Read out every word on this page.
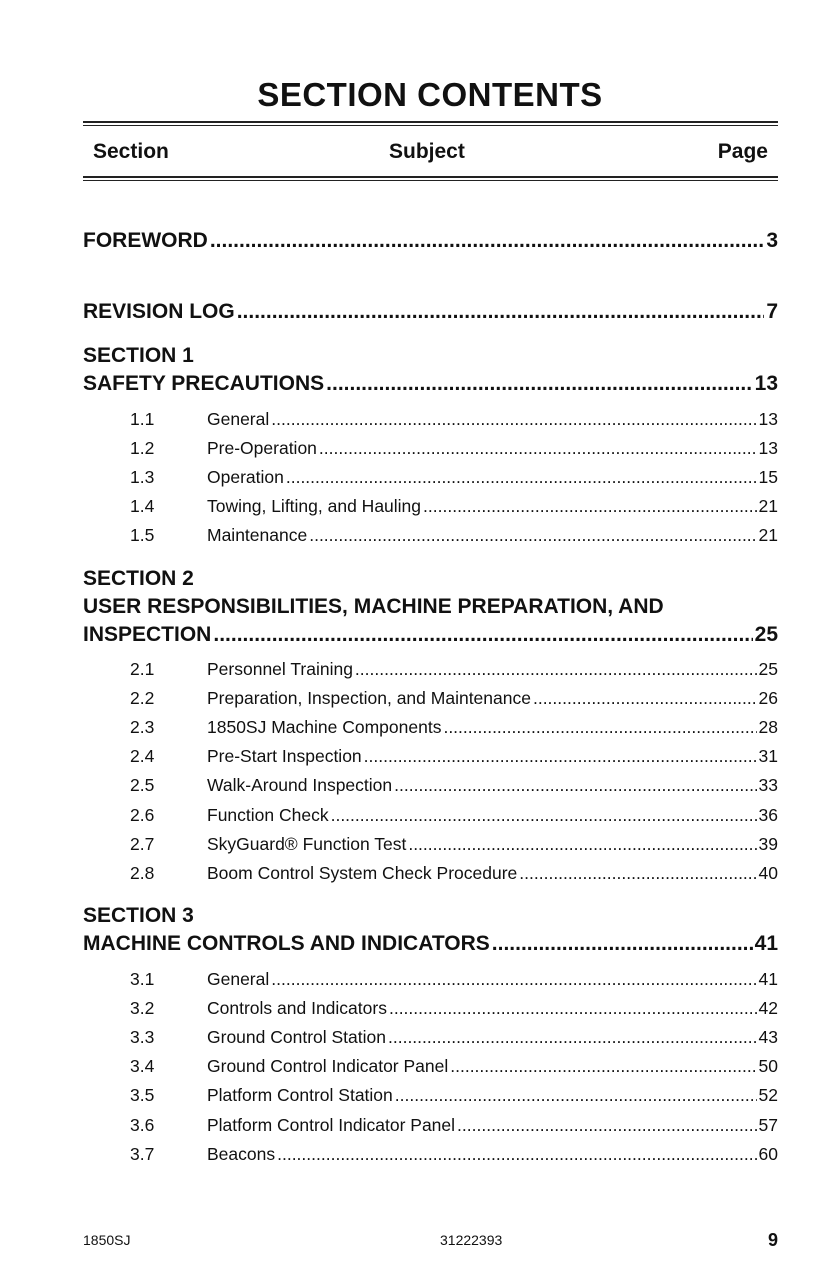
SECTION CONTENTS
Section	Subject	Page
FOREWORD .....	3
REVISION LOG .....	7
SECTION 1
SAFETY PRECAUTIONS .....	13
1.1	General .....	13
1.2	Pre-Operation .....	13
1.3	Operation .....	15
1.4	Towing, Lifting, and Hauling .....	21
1.5	Maintenance .....	21
SECTION 2
USER RESPONSIBILITIES, MACHINE PREPARATION, AND
INSPECTION .....	25
2.1	Personnel Training .....	25
2.2	Preparation, Inspection, and Maintenance .....	26
2.3	1850SJ Machine Components .....	28
2.4	Pre-Start Inspection .....	31
2.5	Walk-Around Inspection .....	33
2.6	Function Check .....	36
2.7	SkyGuard® Function Test .....	39
2.8	Boom Control System Check Procedure .....	40
SECTION 3
MACHINE CONTROLS AND INDICATORS .....	41
3.1	General .....	41
3.2	Controls and Indicators .....	42
3.3	Ground Control Station .....	43
3.4	Ground Control Indicator Panel .....	50
3.5	Platform Control Station .....	52
3.6	Platform Control Indicator Panel .....	57
3.7	Beacons .....	60
1850SJ	31222393	9
